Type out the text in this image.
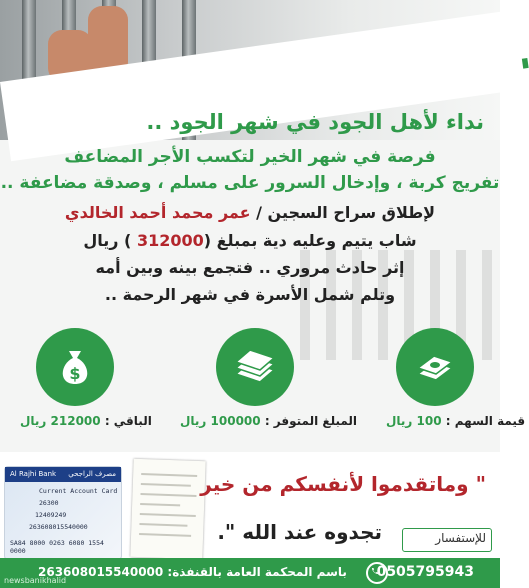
نداء لأهل الجود في شهر الجود ..
فرصة في شهر الخير لتكسب الأجر المضاعف
تفريج كربة ، وإدخال السرور على مسلم ، وصدقة مضاعفة ..
لإطلاق سراح السجين / عمر محمد أحمد الخالدي
شاب يتيم وعليه دية بمبلغ (312000 ) ريال
إثر حادث مروري .. فتجمع بينه وبين أمه
وتلم شمل الأسرة في شهر الرحمة ..
$
الباقي : 212000 ريال	المبلغ المتوفر : 100000 ريال	قيمة السهم : 100 ريال
Al Rajhi Bank مصرف الراجحي
Current Account Card
26300
12409249
263608015540000
SA84 8000 0263 6080 1554 0000
" وماتقدموا لأنفسكم من خير
تجدوه عند الله ".	للإستفسار
0505795943
باسم المحكمة العامة بالقنفذة: 263608015540000
newsbanikhalid
